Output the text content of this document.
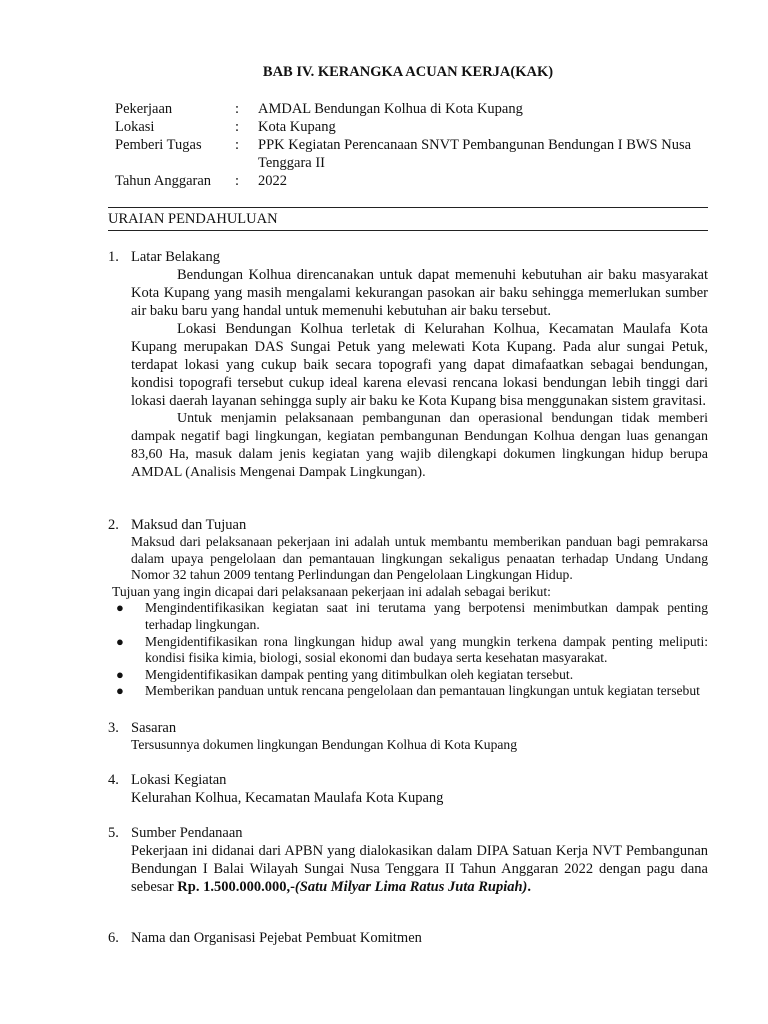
BAB IV. KERANGKA ACUAN KERJA(KAK)
Pekerjaan	:	AMDAL Bendungan Kolhua di Kota Kupang
Lokasi	:	Kota Kupang
Pemberi Tugas	:	PPK Kegiatan Perencanaan SNVT Pembangunan Bendungan I BWS Nusa Tenggara II
Tahun Anggaran	:	2022
URAIAN PENDAHULUAN
1. Latar Belakang
Bendungan Kolhua direncanakan untuk dapat memenuhi kebutuhan air baku masyarakat Kota Kupang yang masih mengalami kekurangan pasokan air baku sehingga memerlukan sumber air baku baru yang handal untuk memenuhi kebutuhan air baku tersebut.
Lokasi Bendungan Kolhua terletak di Kelurahan Kolhua, Kecamatan Maulafa Kota Kupang merupakan DAS Sungai Petuk yang melewati Kota Kupang. Pada alur sungai Petuk, terdapat lokasi yang cukup baik secara topografi yang dapat dimafaatkan sebagai bendungan, kondisi topografi tersebut cukup ideal karena elevasi rencana lokasi bendungan lebih tinggi dari lokasi daerah layanan sehingga suply air baku ke Kota Kupang bisa menggunakan sistem gravitasi.
Untuk menjamin pelaksanaan pembangunan dan operasional bendungan tidak memberi dampak negatif bagi lingkungan, kegiatan pembangunan Bendungan Kolhua dengan luas genangan 83,60 Ha, masuk dalam jenis kegiatan yang wajib dilengkapi dokumen lingkungan hidup berupa AMDAL (Analisis Mengenai Dampak Lingkungan).
2. Maksud dan Tujuan
Maksud dari pelaksanaan pekerjaan ini adalah untuk membantu memberikan panduan bagi pemrakarsa dalam upaya pengelolaan dan pemantauan lingkungan sekaligus penaatan terhadap Undang Undang Nomor 32 tahun 2009 tentang Perlindungan dan Pengelolaan Lingkungan Hidup.
Tujuan yang ingin dicapai dari pelaksanaan pekerjaan ini adalah sebagai berikut:
● Mengindentifikasikan kegiatan saat ini terutama yang berpotensi menimbutkan dampak penting terhadap lingkungan.
● Mengidentifikasikan rona lingkungan hidup awal yang mungkin terkena dampak penting meliputi: kondisi fisika kimia, biologi, sosial ekonomi dan budaya serta kesehatan masyarakat.
● Mengidentifikasikan dampak penting yang ditimbulkan oleh kegiatan tersebut.
● Memberikan panduan untuk rencana pengelolaan dan pemantauan lingkungan untuk kegiatan tersebut
3. Sasaran
Tersusunnya dokumen lingkungan Bendungan Kolhua di Kota Kupang
4. Lokasi Kegiatan
Kelurahan Kolhua, Kecamatan Maulafa Kota Kupang
5. Sumber Pendanaan
Pekerjaan ini didanai dari APBN yang dialokasikan dalam DIPA Satuan Kerja NVT Pembangunan Bendungan I Balai Wilayah Sungai Nusa Tenggara II Tahun Anggaran 2022 dengan pagu dana sebesar Rp. 1.500.000.000,-(Satu Milyar Lima Ratus Juta Rupiah).
6. Nama dan Organisasi Pejebat Pembuat Komitmen
